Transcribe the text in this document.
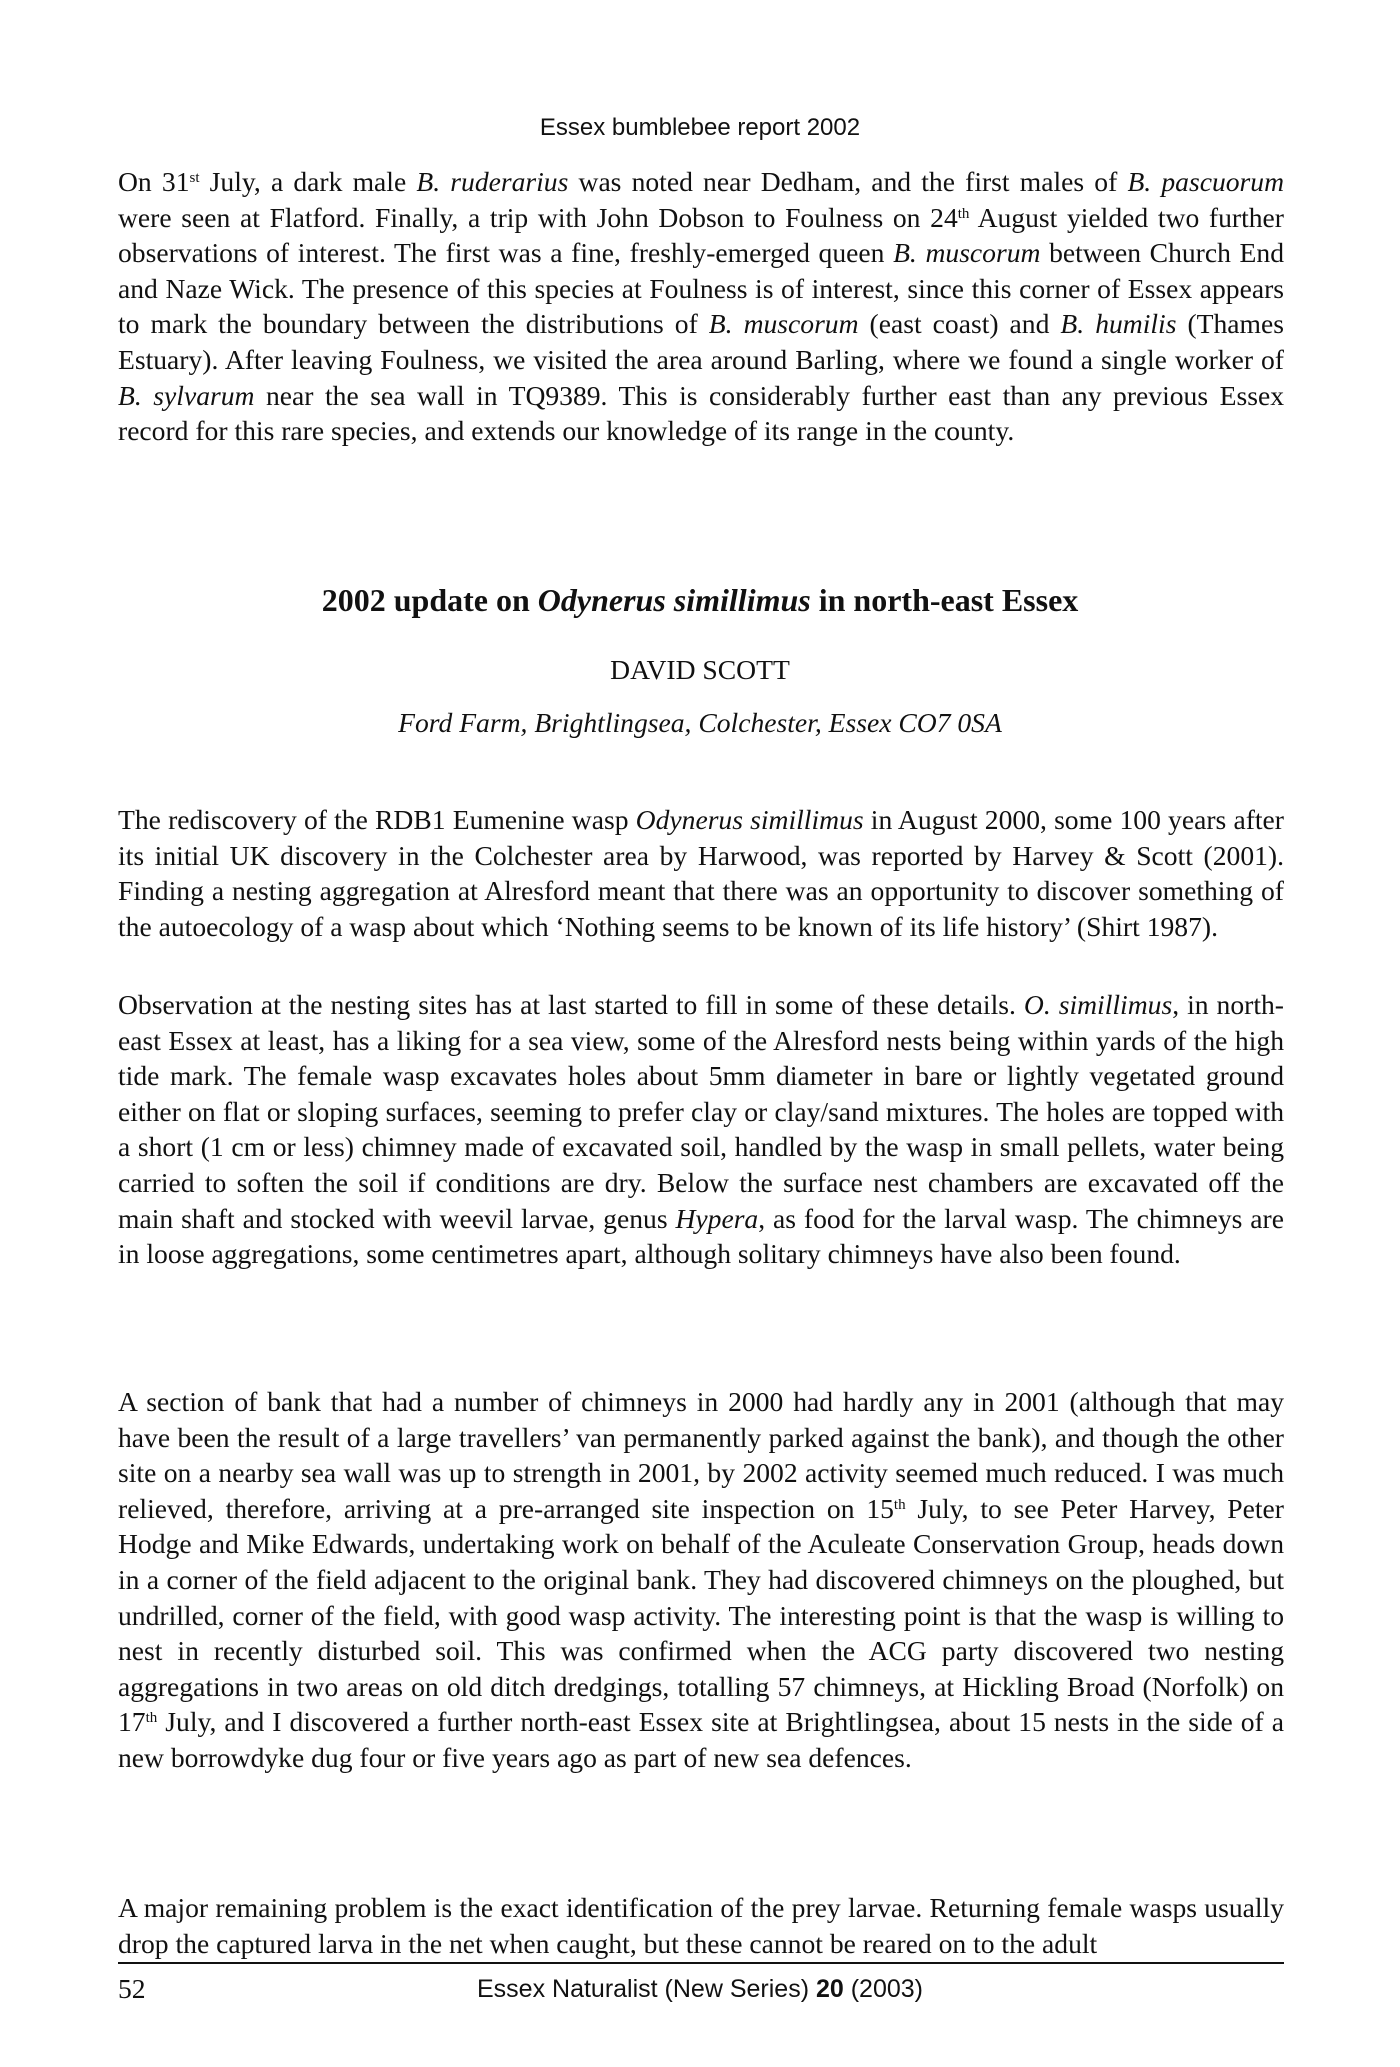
Essex bumblebee report 2002

On 31st July, a dark male B. ruderarius was noted near Dedham, and the first males of B. pascuorum were seen at Flatford. Finally, a trip with John Dobson to Foulness on 24th August yielded two further observations of interest. The first was a fine, freshly-emerged queen B. muscorum between Church End and Naze Wick. The presence of this species at Foulness is of interest, since this corner of Essex appears to mark the boundary between the distributions of B. muscorum (east coast) and B. humilis (Thames Estuary). After leaving Foulness, we visited the area around Barling, where we found a single worker of B. sylvarum near the sea wall in TQ9389. This is considerably further east than any previous Essex record for this rare species, and extends our knowledge of its range in the county.

2002 update on Odynerus simillimus in north-east Essex
DAVID SCOTT
Ford Farm, Brightlingsea, Colchester, Essex CO7 0SA

The rediscovery of the RDB1 Eumenine wasp Odynerus simillimus in August 2000, some 100 years after its initial UK discovery in the Colchester area by Harwood, was reported by Harvey & Scott (2001). Finding a nesting aggregation at Alresford meant that there was an opportunity to discover something of the autoecology of a wasp about which ‘Nothing seems to be known of its life history’ (Shirt 1987).

Observation at the nesting sites has at last started to fill in some of these details. O. simillimus, in north-east Essex at least, has a liking for a sea view, some of the Alresford nests being within yards of the high tide mark. The female wasp excavates holes about 5mm diameter in bare or lightly vegetated ground either on flat or sloping surfaces, seeming to prefer clay or clay/sand mixtures. The holes are topped with a short (1 cm or less) chimney made of excavated soil, handled by the wasp in small pellets, water being carried to soften the soil if conditions are dry. Below the surface nest chambers are excavated off the main shaft and stocked with weevil larvae, genus Hypera, as food for the larval wasp. The chimneys are in loose aggregations, some centimetres apart, although solitary chimneys have also been found.

A section of bank that had a number of chimneys in 2000 had hardly any in 2001 (although that may have been the result of a large travellers’ van permanently parked against the bank), and though the other site on a nearby sea wall was up to strength in 2001, by 2002 activity seemed much reduced. I was much relieved, therefore, arriving at a pre-arranged site inspection on 15th July, to see Peter Harvey, Peter Hodge and Mike Edwards, undertaking work on behalf of the Aculeate Conservation Group, heads down in a corner of the field adjacent to the original bank. They had discovered chimneys on the ploughed, but undrilled, corner of the field, with good wasp activity. The interesting point is that the wasp is willing to nest in recently disturbed soil. This was confirmed when the ACG party discovered two nesting aggregations in two areas on old ditch dredgings, totalling 57 chimneys, at Hickling Broad (Norfolk) on 17th July, and I discovered a further north-east Essex site at Brightlingsea, about 15 nests in the side of a new borrowdyke dug four or five years ago as part of new sea defences.

A major remaining problem is the exact identification of the prey larvae. Returning female wasps usually drop the captured larva in the net when caught, but these cannot be reared on to the adult

52	Essex Naturalist (New Series) 20 (2003)
